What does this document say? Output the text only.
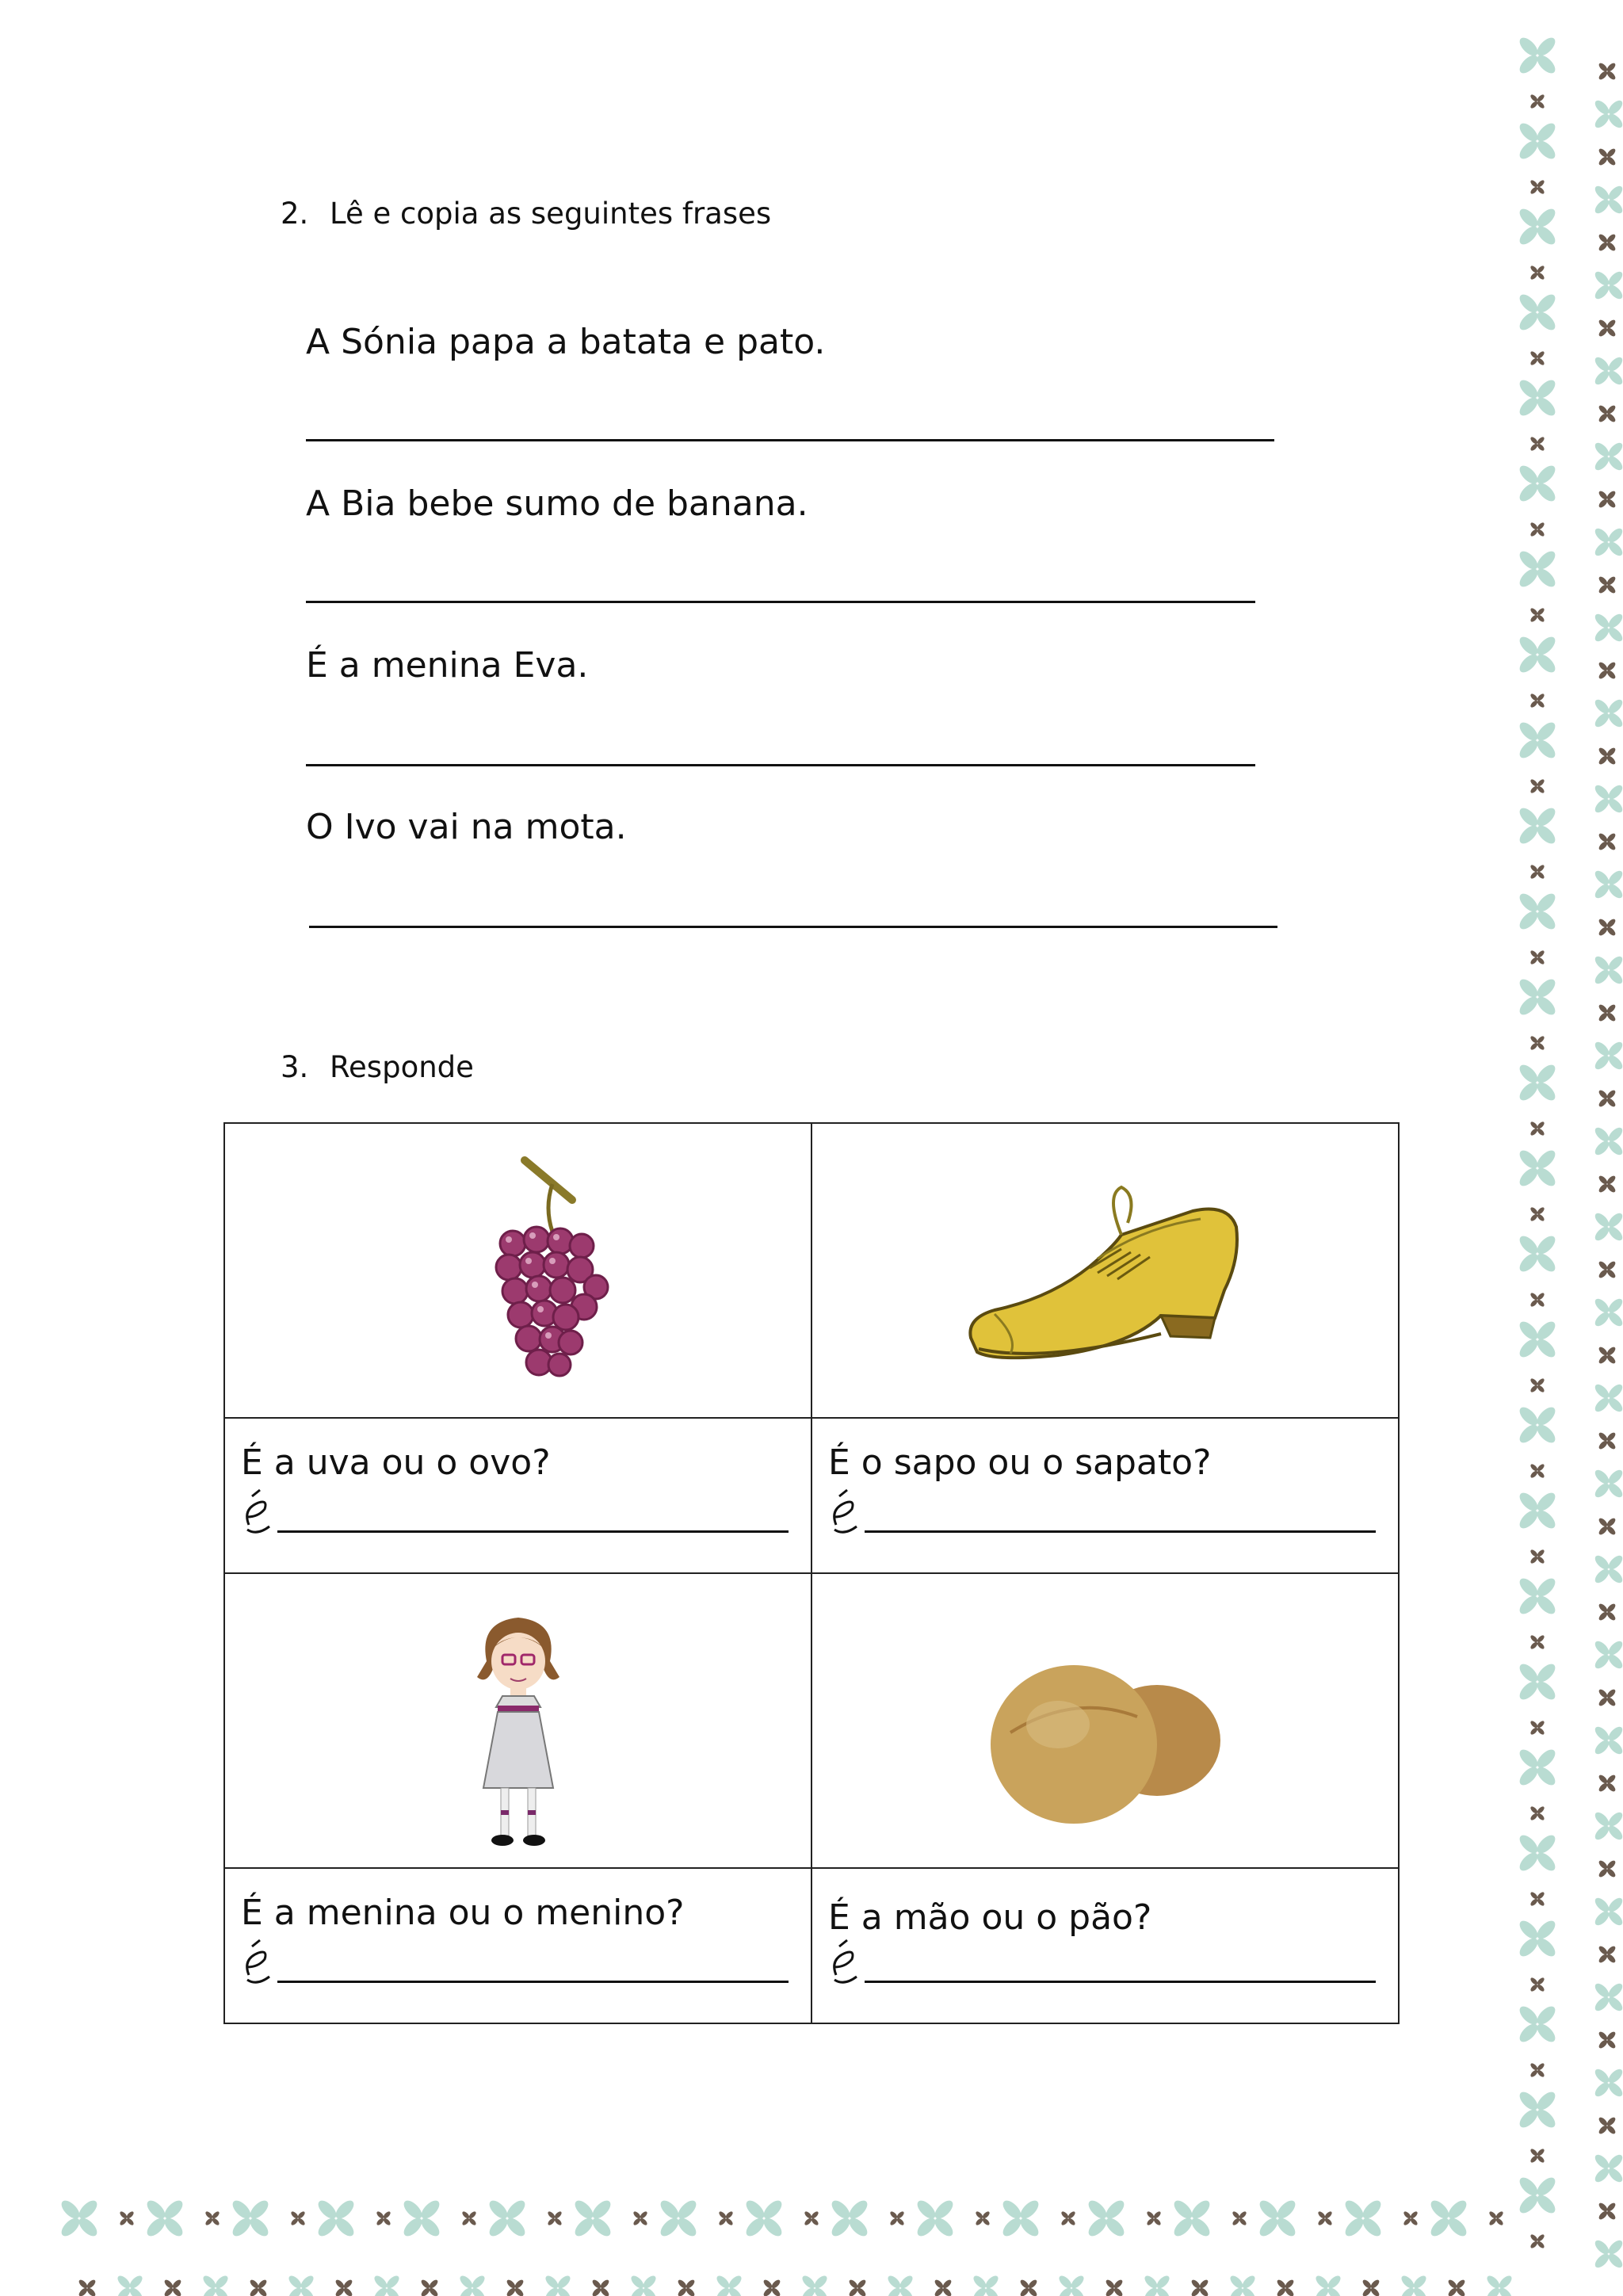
2. Lê e copia as seguintes frases
A Sónia papa a batata e pato.
A Bia bebe sumo de banana.
É a menina Eva.
O Ivo vai na mota.
3. Responde

É a uva ou o ovo?	É o sapo ou o sapato?

É a menina ou o menino?	É a mão ou o pão?
